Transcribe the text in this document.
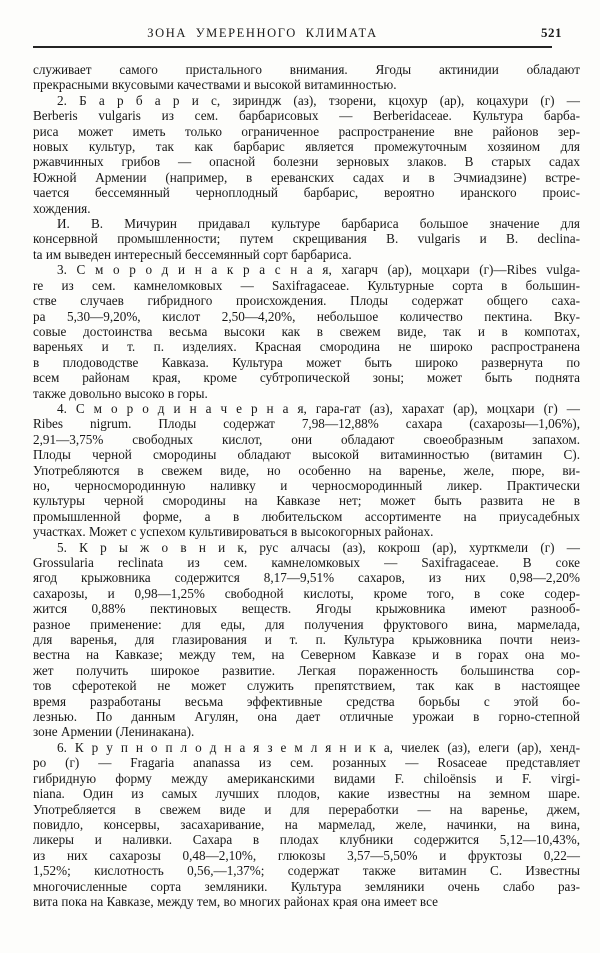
ЗОНА УМЕРЕННОГО КЛИМАТА	521
служивает самого пристального внимания. Ягоды актинидии обладают
прекрасными вкусовыми качествами и высокой витаминностью.
2. Б а р б а р и с, зириндж (аз), тзорени, кцохур (ар), коцахури (г) —
Berberis vulgaris из сем. барбарисовых — Berberidaceae. Культура барба-
риса может иметь только ограниченное распространение вне районов зер-
новых культур, так как барбарис является промежуточным хозяином для
ржавчинных грибов — опасной болезни зерновых злаков. В старых садах
Южной Армении (например, в ереванских садах и в Эчмиадзине) встре-
чается бессемянный черноплодный барбарис, вероятно иранского проис-
хождения.
И. В. Мичурин придавал культуре барбариса большое значение для
консервной промышленности; путем скрещивания B. vulgaris и B. declina-
ta им выведен интересный бессемянный сорт барбариса.
3. С м о р о д и н а к р а с н а я, хагарч (ар), моцхари (г)—Ribes vulga-
re из сем. камнеломковых — Saxifragaceae. Культурные сорта в большин-
стве случаев гибридного происхождения. Плоды содержат общего саха-
ра 5,30—9,20%, кислот 2,50—4,20%, небольшое количество пектина. Вку-
совые достоинства весьма высоки как в свежем виде, так и в компотах,
вареньях и т. п. изделиях. Красная смородина не широко распространена
в плодоводстве Кавказа. Культура может быть широко развернута по
всем районам края, кроме субтропической зоны; может быть поднята
также довольно высоко в горы.
4. С м о р о д и н а ч е р н а я, гара-гат (аз), харахат (ар), моцхари (г) —
Ribes nigrum. Плоды содержат 7,98—12,88% сахара (сахарозы—1,06%),
2,91—3,75% свободных кислот, они обладают своеобразным запахом.
Плоды черной смородины обладают высокой витаминностью (витамин С).
Употребляются в свежем виде, но особенно на варенье, желе, пюре, ви-
но, черносмородинную наливку и черносмородинный ликер. Практически
культуры черной смородины на Кавказе нет; может быть развита не в
промышленной форме, а в любительском ассортименте на приусадебных
участках. Может с успехом культивироваться в высокогорных районах.
5. К р ы ж о в н и к, рус алчасы (аз), кокрош (ар), хурткмели (г) —
Grossularia reclinata из сем. камнеломковых — Saxifragaceae. В соке
ягод крыжовника содержится 8,17—9,51% сахаров, из них 0,98—2,20%
сахарозы, и 0,98—1,25% свободной кислоты, кроме того, в соке содер-
жится 0,88% пектиновых веществ. Ягоды крыжовника имеют разнооб-
разное применение: для еды, для получения фруктового вина, мармелада,
для варенья, для глазирования и т. п. Культура крыжовника почти неиз-
вестна на Кавказе; между тем, на Северном Кавказе и в горах она мо-
жет получить широкое развитие. Легкая пораженность большинства сор-
тов сферотекой не может служить препятствием, так как в настоящее
время разработаны весьма эффективные средства борьбы с этой бо-
лезнью. По данным Агулян, она дает отличные урожаи в горно-степной
зоне Армении (Ленинакана).
6. К р у п н о п л о д н а я з е м л я н и к а, чиелек (аз), елеги (ар), хенд-
ро (г) — Fragaria ananassa из сем. розанных — Rosaceae представляет
гибридную форму между американскими видами F. chiloënsis и F. virgi-
niana. Один из самых лучших плодов, какие известны на земном шаре.
Употребляется в свежем виде и для переработки — на варенье, джем,
повидло, консервы, засахаривание, на мармелад, желе, начинки, на вина,
ликеры и наливки. Сахара в плодах клубники содержится 5,12—10,43%,
из них сахарозы 0,48—2,10%, глюкозы 3,57—5,50% и фруктозы 0,22—
1,52%; кислотность 0,56,—1,37%; содержат также витамин С. Известны
многочисленные сорта земляники. Культура земляники очень слабо раз-
вита пока на Кавказе, между тем, во многих районах края она имеет все
